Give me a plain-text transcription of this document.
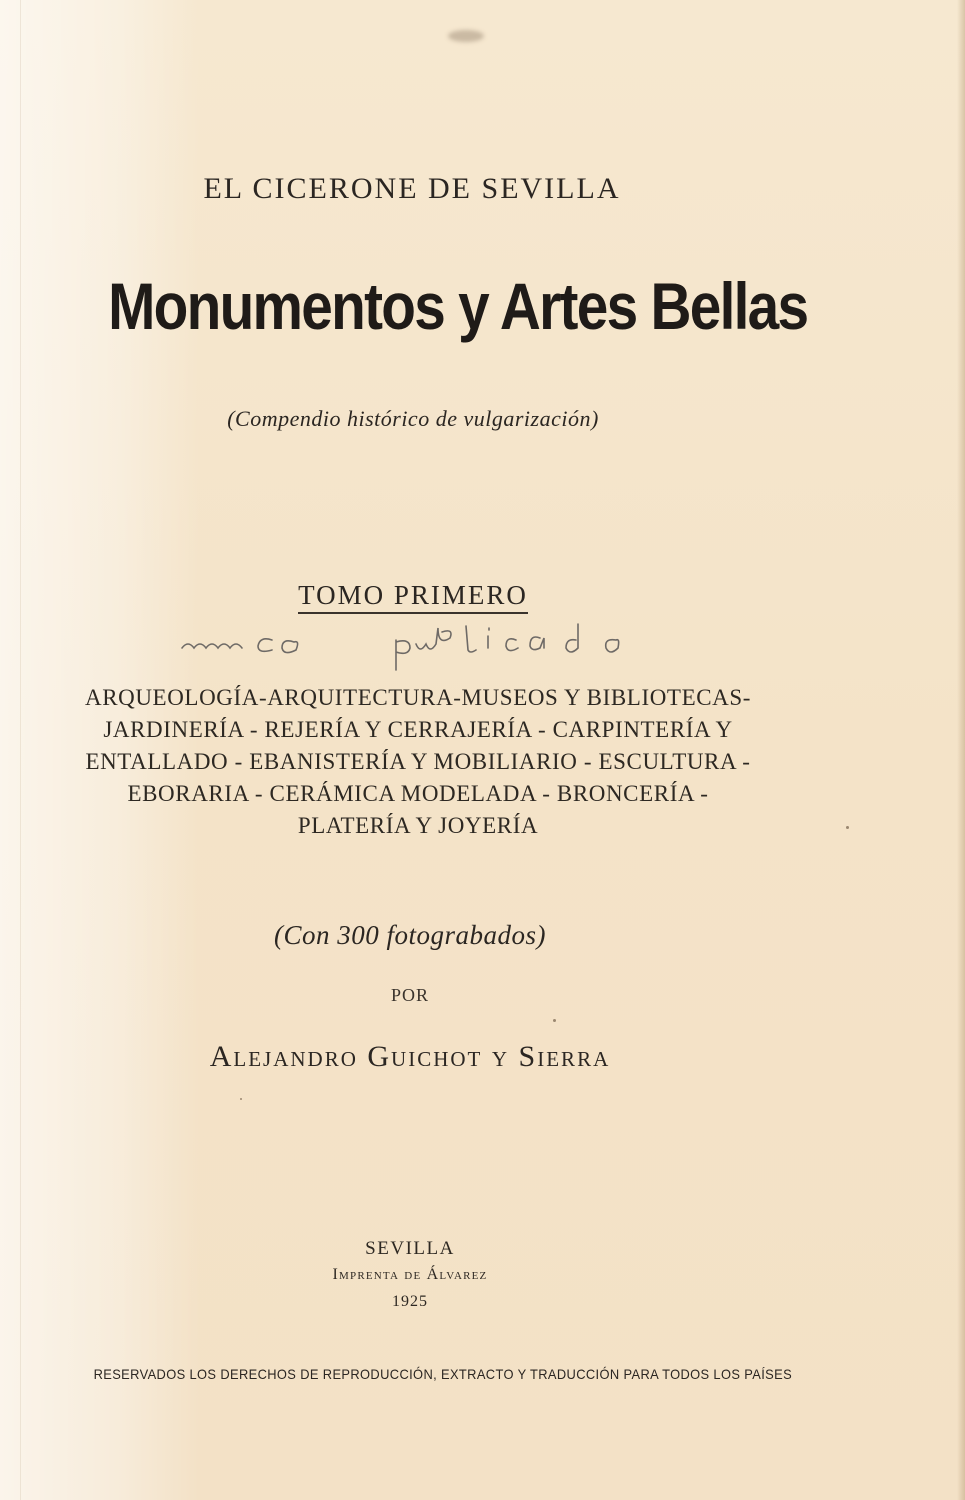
EL CICERONE DE SEVILLA
Monumentos y Artes Bellas
(Compendio histórico de vulgarización)
TOMO PRIMERO
ARQUEOLOGÍA-ARQUITECTURA-MUSEOS Y BIBLIOTECAS-
JARDINERÍA - REJERÍA Y CERRAJERÍA - CARPINTERÍA Y
ENTALLADO - EBANISTERÍA Y MOBILIARIO - ESCULTURA -
EBORARIA - CERÁMICA MODELADA - BRONCERÍA -
PLATERÍA Y JOYERÍA
(Con 300 fotograbados)
POR
Alejandro Guichot y Sierra
SEVILLA
Imprenta de Álvarez
1925
RESERVADOS LOS DERECHOS DE REPRODUCCIÓN, EXTRACTO Y TRADUCCIÓN PARA TODOS LOS PAÍSES
